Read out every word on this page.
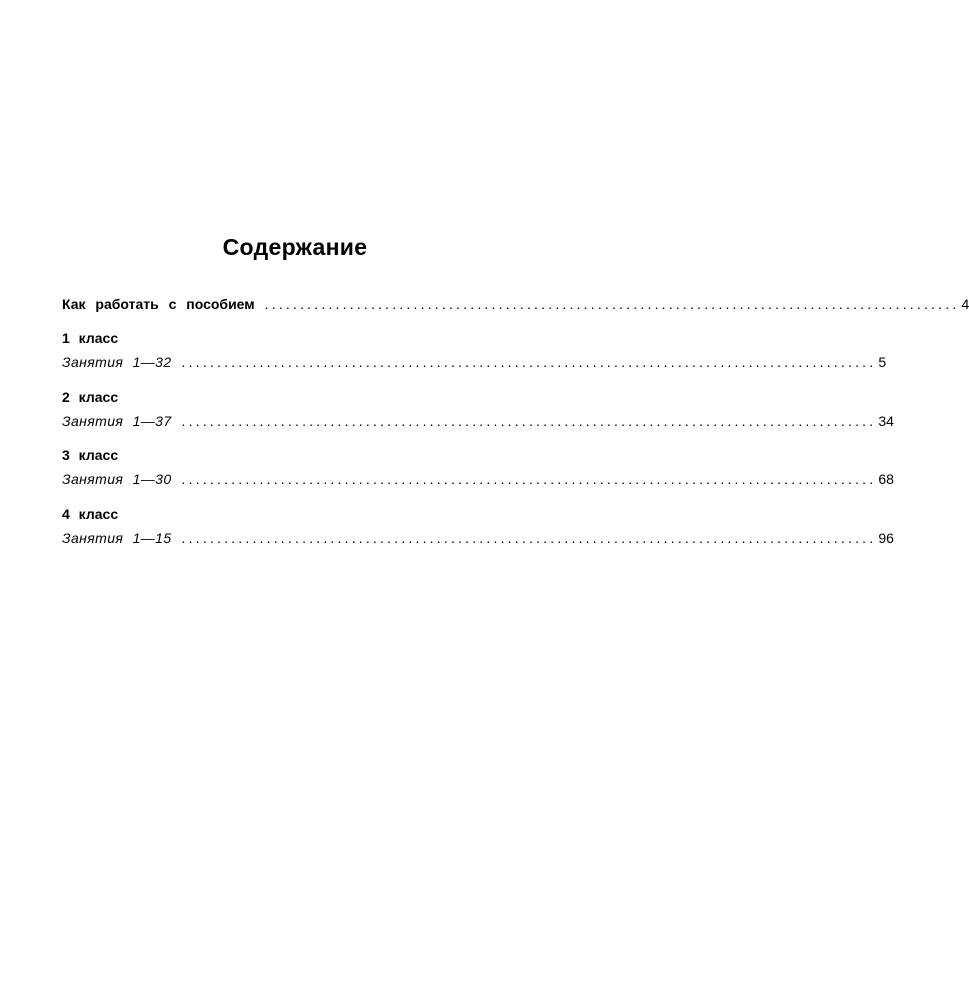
Содержание
Как работать с пособием .................................................................................................. 4
1 класс
Занятия 1—32 .................................................................................................. 5
2 класс
Занятия 1—37 .................................................................................................. 34
3 класс
Занятия 1—30 .................................................................................................. 68
4 класс
Занятия 1—15 .................................................................................................. 96
